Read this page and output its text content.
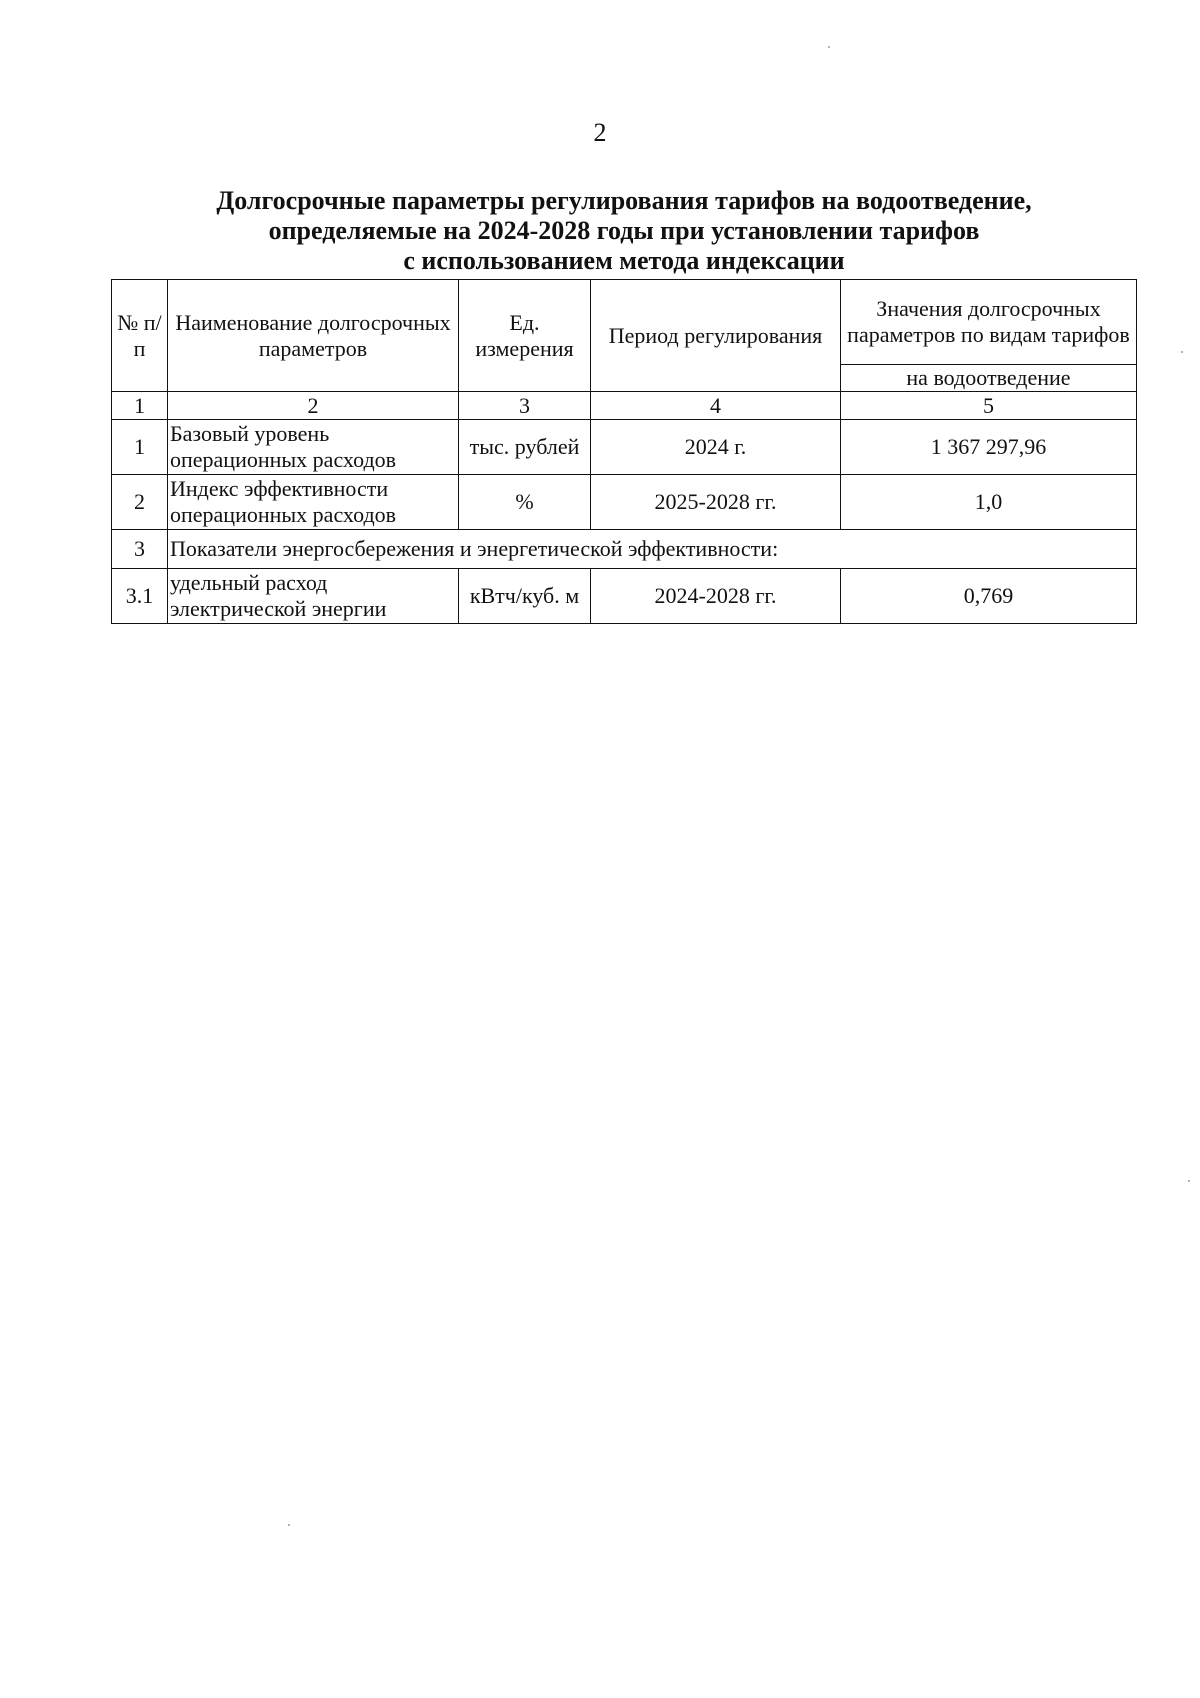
2
Долгосрочные параметры регулирования тарифов на водоотведение,
определяемые на 2024-2028 годы при установлении тарифов
с использованием метода индексации
№ п/п	Наименование долгосрочных параметров	Ед. измерения	Период регулирования	Значения долгосрочных параметров по видам тарифов
				на водоотведение
1	2	3	4	5
1	Базовый уровень операционных расходов	тыс. рублей	2024 г.	1 367 297,96
2	Индекс эффективности операционных расходов	%	2025-2028 гг.	1,0
3	Показатели энергосбережения и энергетической эффективности:			
3.1	удельный расход электрической энергии	кВтч/куб. м	2024-2028 гг.	0,769
